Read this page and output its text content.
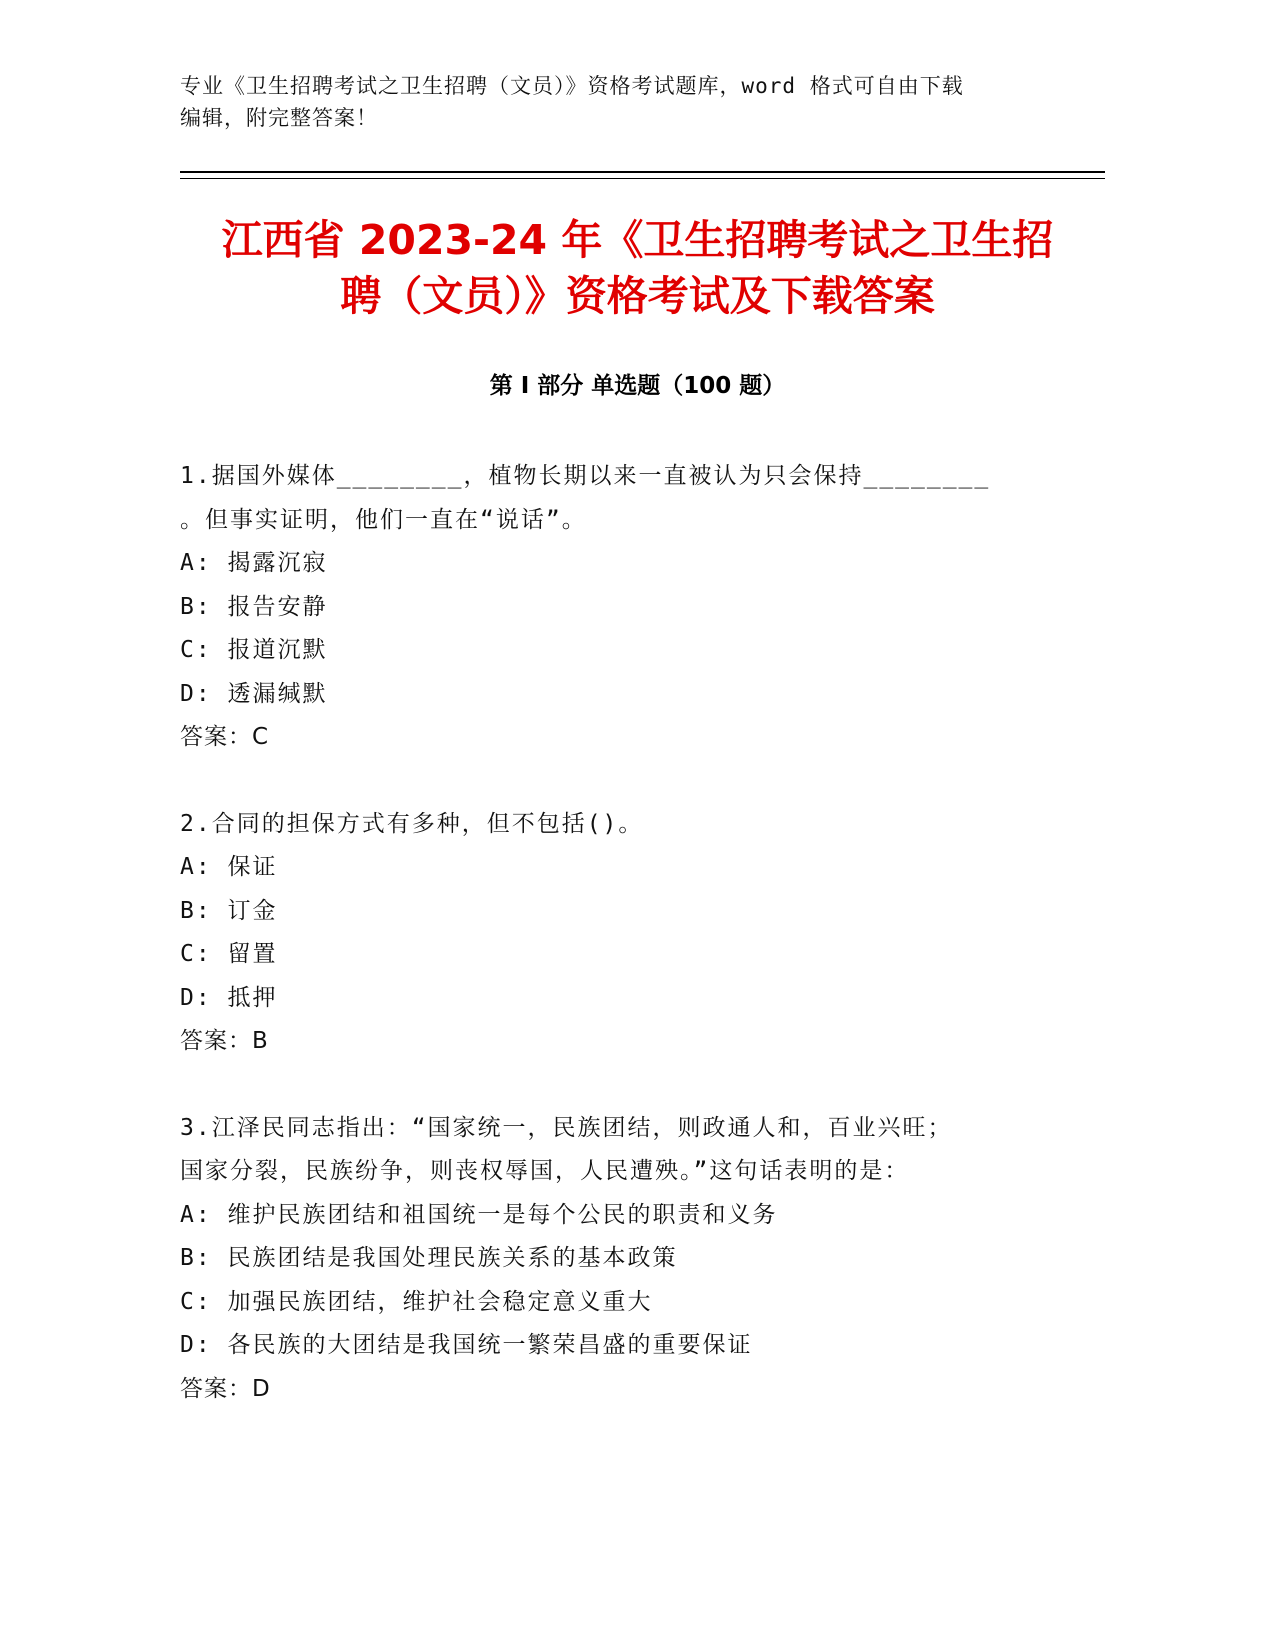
专业《卫生招聘考试之卫生招聘（文员）》资格考试题库，word 格式可自由下载
编辑，附完整答案！
江西省 2023-24 年《卫生招聘考试之卫生招
聘（文员）》资格考试及下载答案
第 I 部分 单选题（100 题）
1.据国外媒体________，植物长期以来一直被认为只会保持________
。但事实证明，他们一直在“说话”。
A: 揭露沉寂
B: 报告安静
C: 报道沉默
D: 透漏缄默
答案：C
2.合同的担保方式有多种，但不包括()。
A: 保证
B: 订金
C: 留置
D: 抵押
答案：B
3.江泽民同志指出：“国家统一，民族团结，则政通人和，百业兴旺；
国家分裂，民族纷争，则丧权辱国，人民遭殃。”这句话表明的是：
A: 维护民族团结和祖国统一是每个公民的职责和义务
B: 民族团结是我国处理民族关系的基本政策
C: 加强民族团结，维护社会稳定意义重大
D: 各民族的大团结是我国统一繁荣昌盛的重要保证
答案：D
